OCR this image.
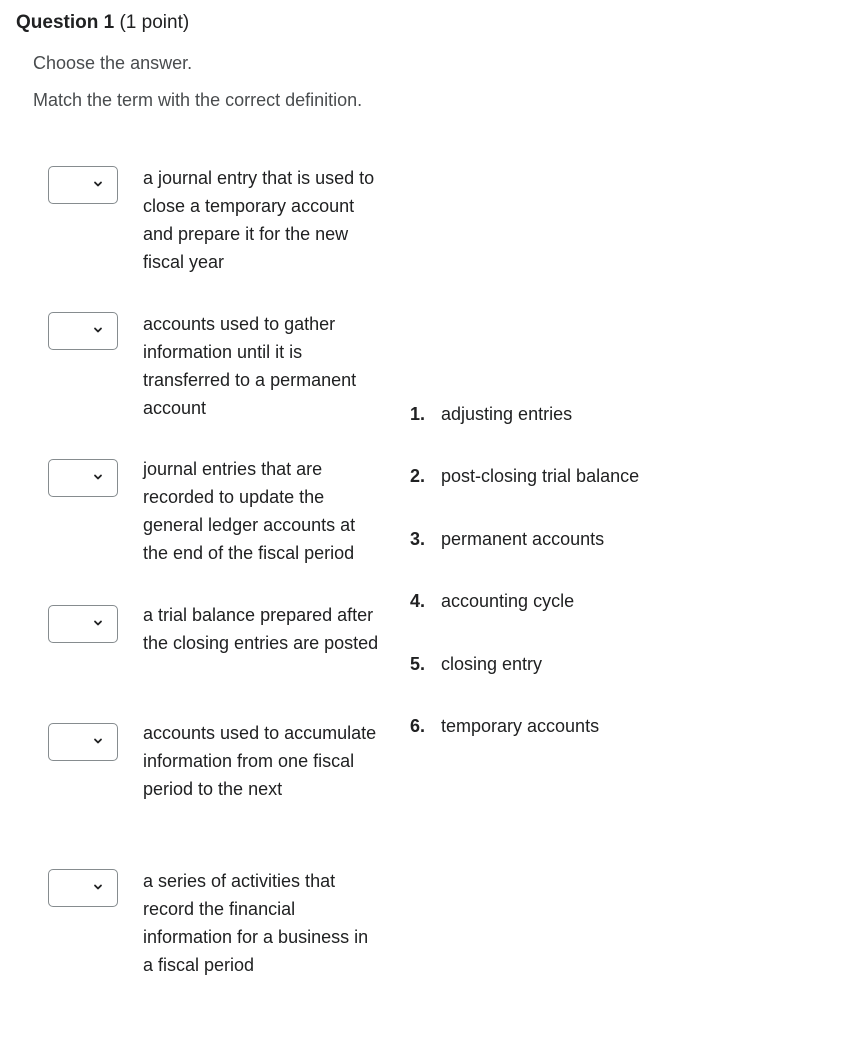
Question 1 (1 point)
Choose the answer.
Match the term with the correct definition.
a journal entry that is used to close a temporary account and prepare it for the new fiscal year
accounts used to gather information until it is transferred to a permanent account
journal entries that are recorded to update the general ledger accounts at the end of the fiscal period
a trial balance prepared after the closing entries are posted
accounts used to accumulate information from one fiscal period to the next
a series of activities that record the financial information for a business in a fiscal period
1. adjusting entries
2. post-closing trial balance
3. permanent accounts
4. accounting cycle
5. closing entry
6. temporary accounts
